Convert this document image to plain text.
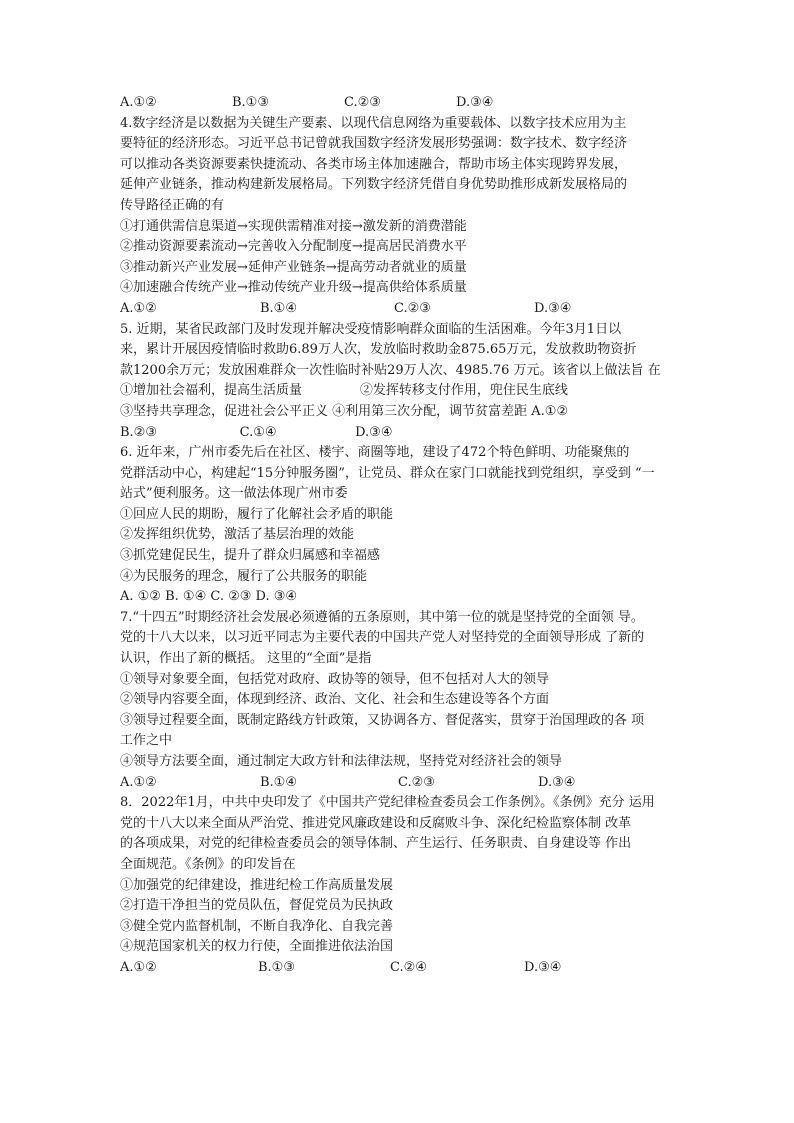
A.①②	B.①③	C.②③	D.③④
4.数字经济是以数据为关键生产要素、以现代信息网络为重要载体、以数字技术应用为主
要特征的经济形态。习近平总书记曾就我国数字经济发展形势强调：数字技术、数字经济
可以推动各类资源要素快捷流动、各类市场主体加速融合，帮助市场主体实现跨界发展，
延伸产业链条，推动构建新发展格局。下列数字经济凭借自身优势助推形成新发展格局的
传导路径正确的有
①打通供需信息渠道→实现供需精准对接→激发新的消费潜能
②推动资源要素流动→完善收入分配制度→提高居民消费水平
③推动新兴产业发展→延伸产业链条→提高劳动者就业的质量
④加速融合传统产业→推动传统产业升级→提高供给体系质量
A.①②	B.①④	C.②③	D.③④
5. 近期，某省民政部门及时发现并解决受疫情影响群众面临的生活困难。今年3月1日以
来，累计开展因疫情临时救助6.89万人次，发放临时救助金875.65万元，发放救助物资折
款1200余万元；发放困难群众一次性临时补贴29万人次、4985.76 万元。该省以上做法旨 在
①增加社会福利，提高生活质量              ②发挥转移支付作用，兜住民生底线
③坚持共享理念，促进社会公平正义 ④利用第三次分配，调节贫富差距 A.①②
B.②③                    C.①④                   D.③④
6. 近年来，广州市委先后在社区、楼宇、商圈等地，建设了472个特色鲜明、功能聚焦的
党群活动中心，构建起“15分钟服务圈”，让党员、群众在家门口就能找到党组织，享受到 “一
站式”便利服务。这一做法体现广州市委
①回应人民的期盼，履行了化解社会矛盾的职能
②发挥组织优势，激活了基层治理的效能
③抓党建促民生，提升了群众归属感和幸福感
④为民服务的理念，履行了公共服务的职能
A. ①② B. ①④ C. ②③ D. ③④
7.“十四五”时期经济社会发展必须遵循的五条原则，其中第一位的就是坚持党的全面领 导。
党的十八大以来，以习近平同志为主要代表的中国共产党人对坚持党的全面领导形成 了新的
认识，作出了新的概括。 这里的“全面”是指
①领导对象要全面，包括党对政府、政协等的领导，但不包括对人大的领导
②领导内容要全面，体现到经济、政治、文化、社会和生态建设等各个方面
③领导过程要全面，既制定路线方针政策，又协调各方、督促落实，贯穿于治国理政的各 项
工作之中
④领导方法要全面，通过制定大政方针和法律法规，坚持党对经济社会的领导
A.①②	B.①④	C.②③	D.③④
8．2022年1月，中共中央印发了《中国共产党纪律检查委员会工作条例》。《条例》充分 运用
党的十八大以来全面从严治党、推进党风廉政建设和反腐败斗争、深化纪检监察体制 改革
的各项成果，对党的纪律检查委员会的领导体制、产生运行、任务职责、自身建设等 作出
全面规范。《条例》的印发旨在
①加强党的纪律建设，推进纪检工作高质量发展
②打造干净担当的党员队伍，督促党员为民执政
③健全党内监督机制，不断自我净化、自我完善
④规范国家机关的权力行使，全面推进依法治国
A.①②	B.①③	C.②④	D.③④
